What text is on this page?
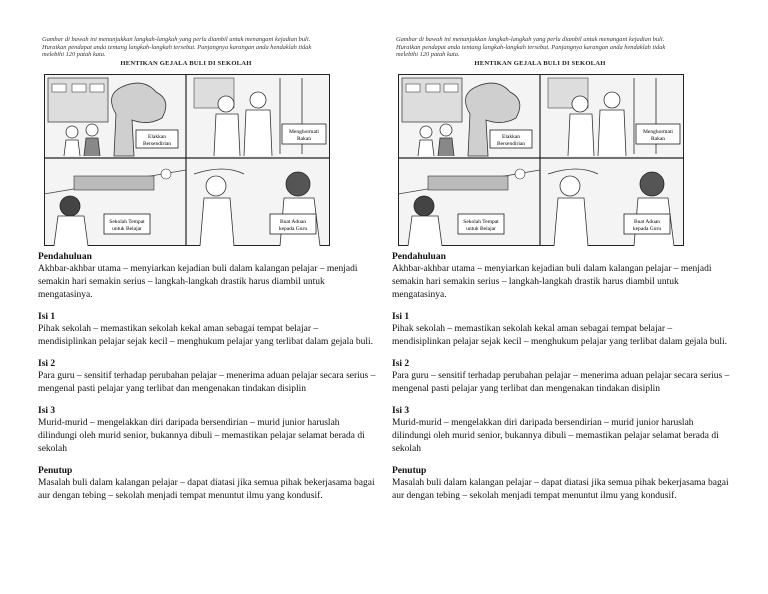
Gambar di bawah ini menunjukkan langkah-langkah yang perlu diambil untuk menangani kejadian buli. Huraikan pendapat anda tentang langkah-langkah tersebut. Panjangnya karangan anda hendaklah tidak melebihi 120 patah kata.
HENTIKAN GEJALA BULI DI SEKOLAH
Elakkan
Bersendirian
Menghormati
Rakan
Sekolah Tempat
untuk Belajar
Buat Aduan
kepada Guru

Pendahuluan

Akhbar-akhbar utama – menyiarkan kejadian buli dalam kalangan pelajar – menjadi semakin hari semakin serius – langkah-langkah drastik harus diambil untuk mengatasinya.

Isi 1

Pihak sekolah – memastikan sekolah kekal aman sebagai tempat belajar – mendisiplinkan pelajar sejak kecil – menghukum pelajar yang terlibat dalam gejala buli.

Isi 2

Para guru – sensitif terhadap perubahan pelajar – menerima aduan pelajar secara serius – mengenal pasti pelajar yang terlibat dan mengenakan tindakan disiplin

Isi 3

Murid-murid – mengelakkan diri daripada bersendirian – murid junior haruslah dilindungi oleh murid senior, bukannya dibuli – memastikan pelajar selamat berada di sekolah

Penutup

Masalah buli dalam kalangan pelajar – dapat diatasi jika semua pihak bekerjasama bagai aur dengan tebing – sekolah menjadi tempat menuntut ilmu yang kondusif.

Gambar di bawah ini menunjukkan langkah-langkah yang perlu diambil untuk menangani kejadian buli. Huraikan pendapat anda tentang langkah-langkah tersebut. Panjangnya karangan anda hendaklah tidak melebihi 120 patah kata.
HENTIKAN GEJALA BULI DI SEKOLAH
Elakkan
Bersendirian
Menghormati
Rakan
Sekolah Tempat
untuk Belajar
Buat Aduan
kepada Guru

Pendahuluan

Akhbar-akhbar utama – menyiarkan kejadian buli dalam kalangan pelajar – menjadi semakin hari semakin serius – langkah-langkah drastik harus diambil untuk mengatasinya.

Isi 1

Pihak sekolah – memastikan sekolah kekal aman sebagai tempat belajar – mendisiplinkan pelajar sejak kecil – menghukum pelajar yang terlibat dalam gejala buli.

Isi 2

Para guru – sensitif terhadap perubahan pelajar – menerima aduan pelajar secara serius – mengenal pasti pelajar yang terlibat dan mengenakan tindakan disiplin

Isi 3

Murid-murid – mengelakkan diri daripada bersendirian – murid junior haruslah dilindungi oleh murid senior, bukannya dibuli – memastikan pelajar selamat berada di sekolah

Penutup

Masalah buli dalam kalangan pelajar – dapat diatasi jika semua pihak bekerjasama bagai aur dengan tebing – sekolah menjadi tempat menuntut ilmu yang kondusif.
